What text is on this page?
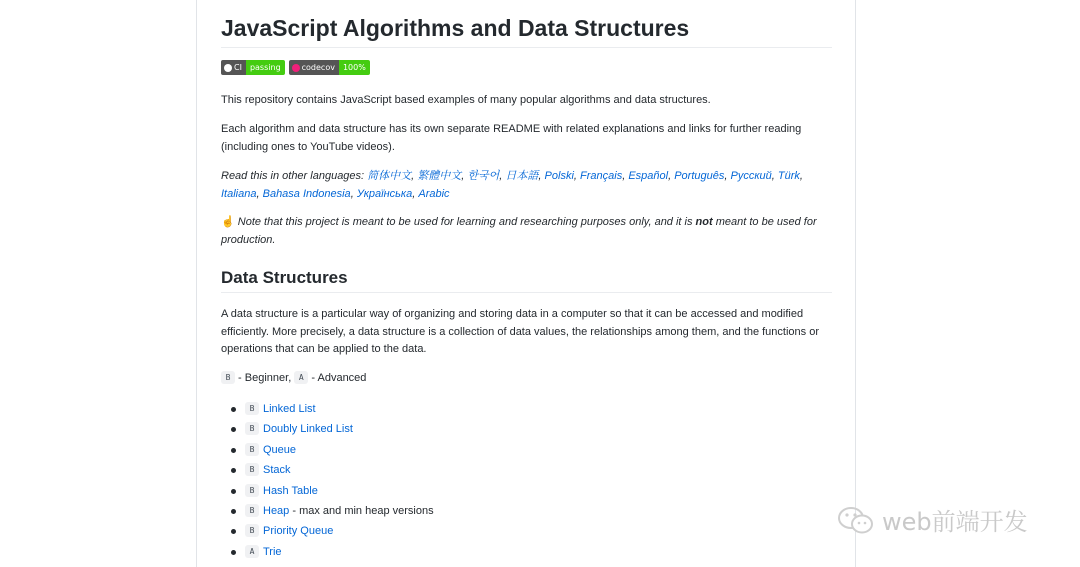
JavaScript Algorithms and Data Structures
CI	passing	codecov	100%

This repository contains JavaScript based examples of many popular algorithms and data structures.

Each algorithm and data structure has its own separate README with related explanations and links for further reading (including ones to YouTube videos).

Read this in other languages: 简体中文, 繁體中文, 한국어, 日本語, Polski, Français, Español, Português, Русский, Türk, Italiana, Bahasa Indonesia, Українська, Arabic

☝ Note that this project is meant to be used for learning and researching purposes only, and it is not meant to be used for production.

Data Structures

A data structure is a particular way of organizing and storing data in a computer so that it can be accessed and modified efficiently. More precisely, a data structure is a collection of data values, the relationships among them, and the functions or operations that can be applied to the data.

B - Beginner, A - Advanced

B Linked List
B Doubly Linked List
B Queue
B Stack
B Hash Table
B Heap - max and min heap versions
B Priority Queue
A Trie
web前端开发
